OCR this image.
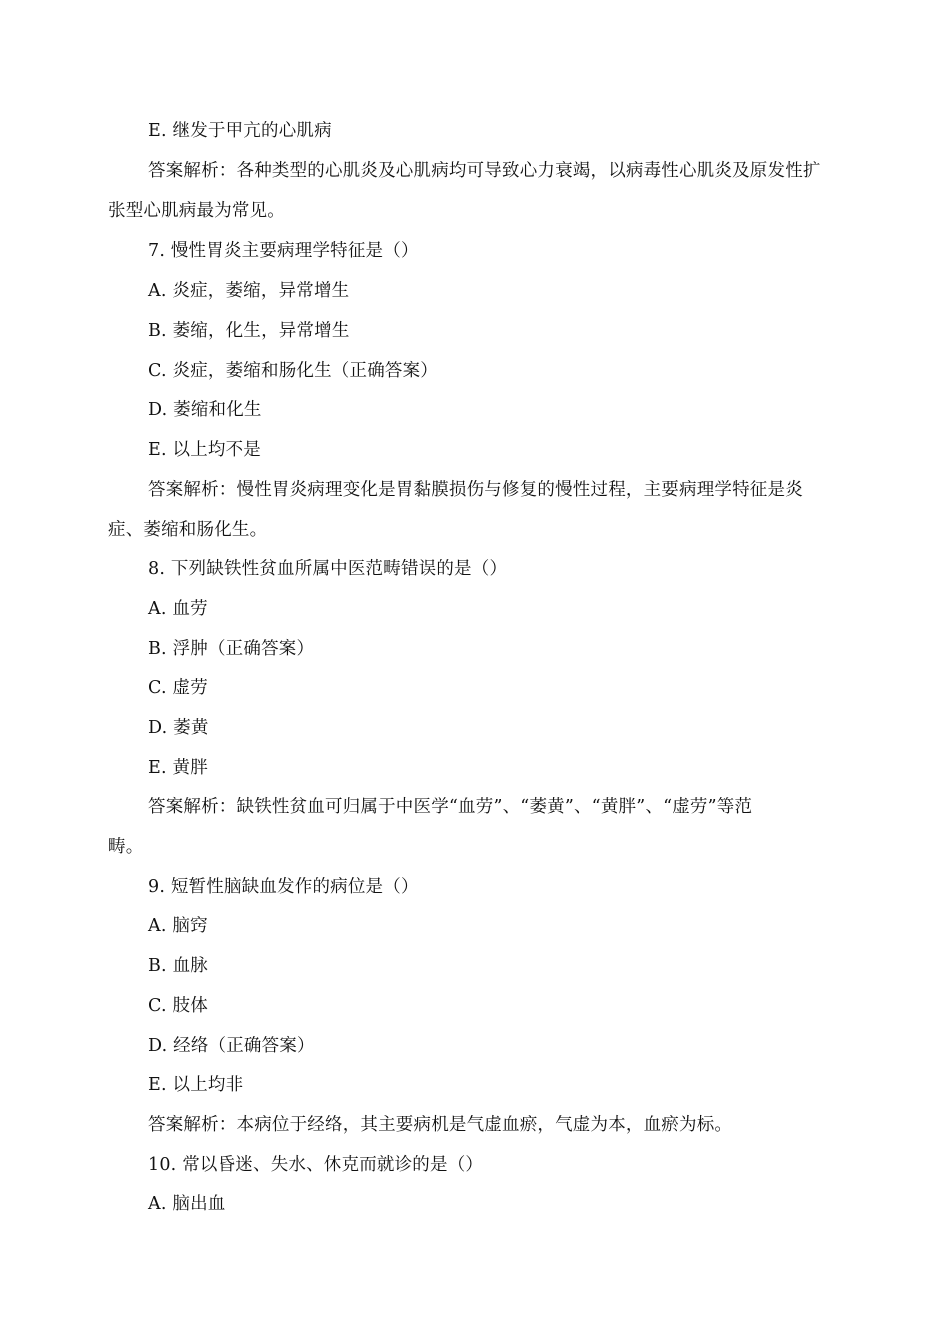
E. 继发于甲亢的心肌病
答案解析：各种类型的心肌炎及心肌病均可导致心力衰竭，以病毒性心肌炎及原发性扩
张型心肌病最为常见。
7. 慢性胃炎主要病理学特征是（）
A. 炎症，萎缩，异常增生
B. 萎缩，化生，异常增生
C. 炎症，萎缩和肠化生（正确答案）
D. 萎缩和化生
E. 以上均不是
答案解析：慢性胃炎病理变化是胃黏膜损伤与修复的慢性过程，主要病理学特征是炎
症、萎缩和肠化生。
8. 下列缺铁性贫血所属中医范畴错误的是（）
A. 血劳
B. 浮肿（正确答案）
C. 虚劳
D. 萎黄
E. 黄胖
答案解析：缺铁性贫血可归属于中医学“血劳”、“萎黄”、“黄胖”、“虚劳”等范
畴。
9. 短暂性脑缺血发作的病位是（）
A. 脑窍
B. 血脉
C. 肢体
D. 经络（正确答案）
E. 以上均非
答案解析：本病位于经络，其主要病机是气虚血瘀，气虚为本，血瘀为标。
10. 常以昏迷、失水、休克而就诊的是（）
A. 脑出血
